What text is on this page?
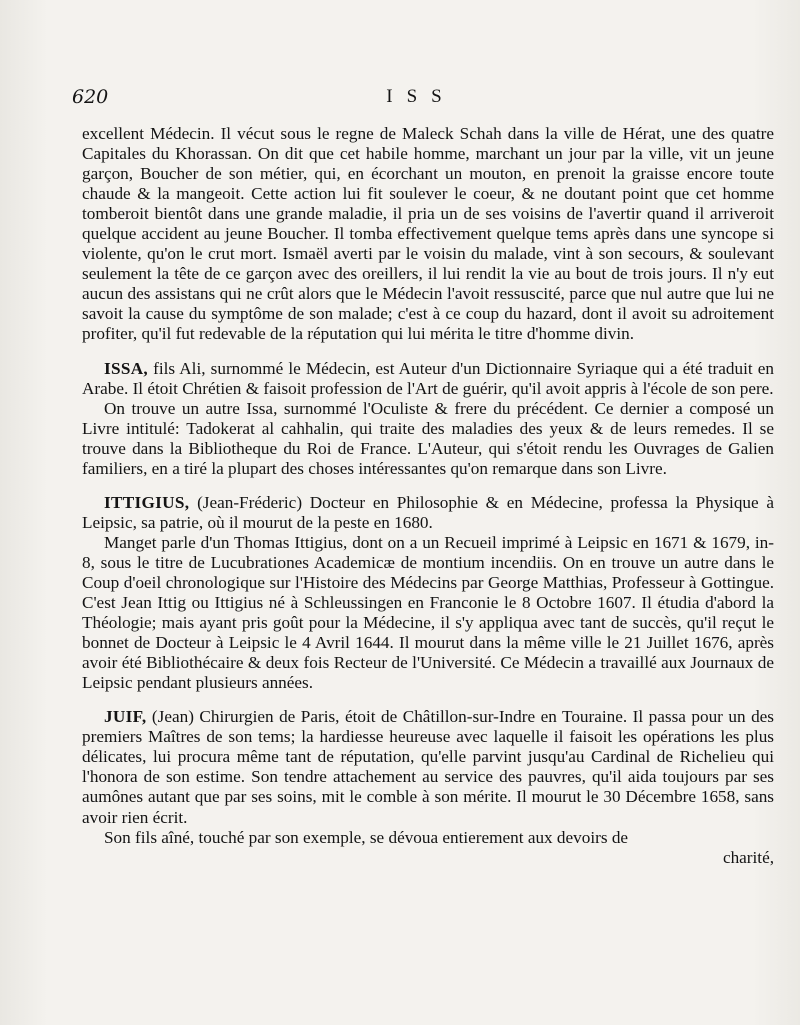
620	ISS

excellent Médecin. Il vécut sous le regne de Maleck Schah dans la ville de Hérat, une des quatre Capitales du Khorassan. On dit que cet habile homme, marchant un jour par la ville, vit un jeune garçon, Boucher de son métier, qui, en écorchant un mouton, en prenoit la graisse encore toute chaude & la mangeoit. Cette action lui fit soulever le coeur, & ne doutant point que cet homme tomberoit bientôt dans une grande maladie, il pria un de ses voisins de l'avertir quand il arriveroit quelque accident au jeune Boucher. Il tomba effectivement quelque tems après dans une syncope si violente, qu'on le crut mort. Ismaël averti par le voisin du malade, vint à son secours, & soulevant seulement la tête de ce garçon avec des oreillers, il lui rendit la vie au bout de trois jours. Il n'y eut aucun des assistans qui ne crût alors que le Médecin l'avoit ressuscité, parce que nul autre que lui ne savoit la cause du symptôme de son malade; c'est à ce coup du hazard, dont il avoit su adroitement profiter, qu'il fut redevable de la réputation qui lui mérita le titre d'homme divin.

ISSA, fils Ali, surnommé le Médecin, est Auteur d'un Dictionnaire Syriaque qui a été traduit en Arabe. Il étoit Chrétien & faisoit profession de l'Art de guérir, qu'il avoit appris à l'école de son pere.

On trouve un autre Issa, surnommé l'Oculiste & frere du précédent. Ce dernier a composé un Livre intitulé: Tadokerat al cahhalin, qui traite des maladies des yeux & de leurs remedes. Il se trouve dans la Bibliotheque du Roi de France. L'Auteur, qui s'étoit rendu les Ouvrages de Galien familiers, en a tiré la plupart des choses intéressantes qu'on remarque dans son Livre.

ITTIGIUS, (Jean-Fréderic) Docteur en Philosophie & en Médecine, professa la Physique à Leipsic, sa patrie, où il mourut de la peste en 1680.

Manget parle d'un Thomas Ittigius, dont on a un Recueil imprimé à Leipsic en 1671 & 1679, in-8, sous le titre de Lucubrationes Academicæ de montium incendiis. On en trouve un autre dans le Coup d'oeil chronologique sur l'Histoire des Médecins par George Matthias, Professeur à Gottingue. C'est Jean Ittig ou Ittigius né à Schleussingen en Franconie le 8 Octobre 1607. Il étudia d'abord la Théologie; mais ayant pris goût pour la Médecine, il s'y appliqua avec tant de succès, qu'il reçut le bonnet de Docteur à Leipsic le 4 Avril 1644. Il mourut dans la même ville le 21 Juillet 1676, après avoir été Bibliothécaire & deux fois Recteur de l'Université. Ce Médecin a travaillé aux Journaux de Leipsic pendant plusieurs années.

JUIF, (Jean) Chirurgien de Paris, étoit de Châtillon-sur-Indre en Touraine. Il passa pour un des premiers Maîtres de son tems; la hardiesse heureuse avec laquelle il faisoit les opérations les plus délicates, lui procura même tant de réputation, qu'elle parvint jusqu'au Cardinal de Richelieu qui l'honora de son estime. Son tendre attachement au service des pauvres, qu'il aida toujours par ses aumônes autant que par ses soins, mit le comble à son mérite. Il mourut le 30 Décembre 1658, sans avoir rien écrit.

Son fils aîné, touché par son exemple, se dévoua entierement aux devoirs de

charité,
